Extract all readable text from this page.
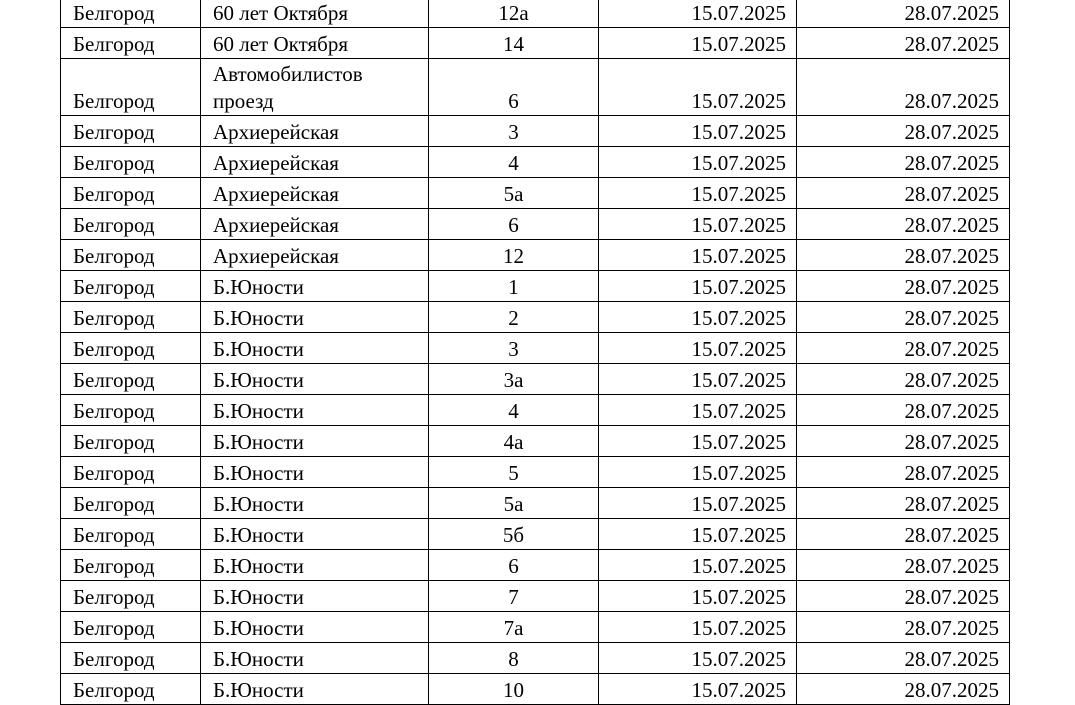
Белгород	60 лет Октября	12а	15.07.2025	28.07.2025
Белгород	60 лет Октября	14	15.07.2025	28.07.2025
Белгород	Автомобилистов проезд	6	15.07.2025	28.07.2025
Белгород	Архиерейская	3	15.07.2025	28.07.2025
Белгород	Архиерейская	4	15.07.2025	28.07.2025
Белгород	Архиерейская	5а	15.07.2025	28.07.2025
Белгород	Архиерейская	6	15.07.2025	28.07.2025
Белгород	Архиерейская	12	15.07.2025	28.07.2025
Белгород	Б.Юности	1	15.07.2025	28.07.2025
Белгород	Б.Юности	2	15.07.2025	28.07.2025
Белгород	Б.Юности	3	15.07.2025	28.07.2025
Белгород	Б.Юности	3а	15.07.2025	28.07.2025
Белгород	Б.Юности	4	15.07.2025	28.07.2025
Белгород	Б.Юности	4а	15.07.2025	28.07.2025
Белгород	Б.Юности	5	15.07.2025	28.07.2025
Белгород	Б.Юности	5а	15.07.2025	28.07.2025
Белгород	Б.Юности	5б	15.07.2025	28.07.2025
Белгород	Б.Юности	6	15.07.2025	28.07.2025
Белгород	Б.Юности	7	15.07.2025	28.07.2025
Белгород	Б.Юности	7а	15.07.2025	28.07.2025
Белгород	Б.Юности	8	15.07.2025	28.07.2025
Белгород	Б.Юности	10	15.07.2025	28.07.2025
